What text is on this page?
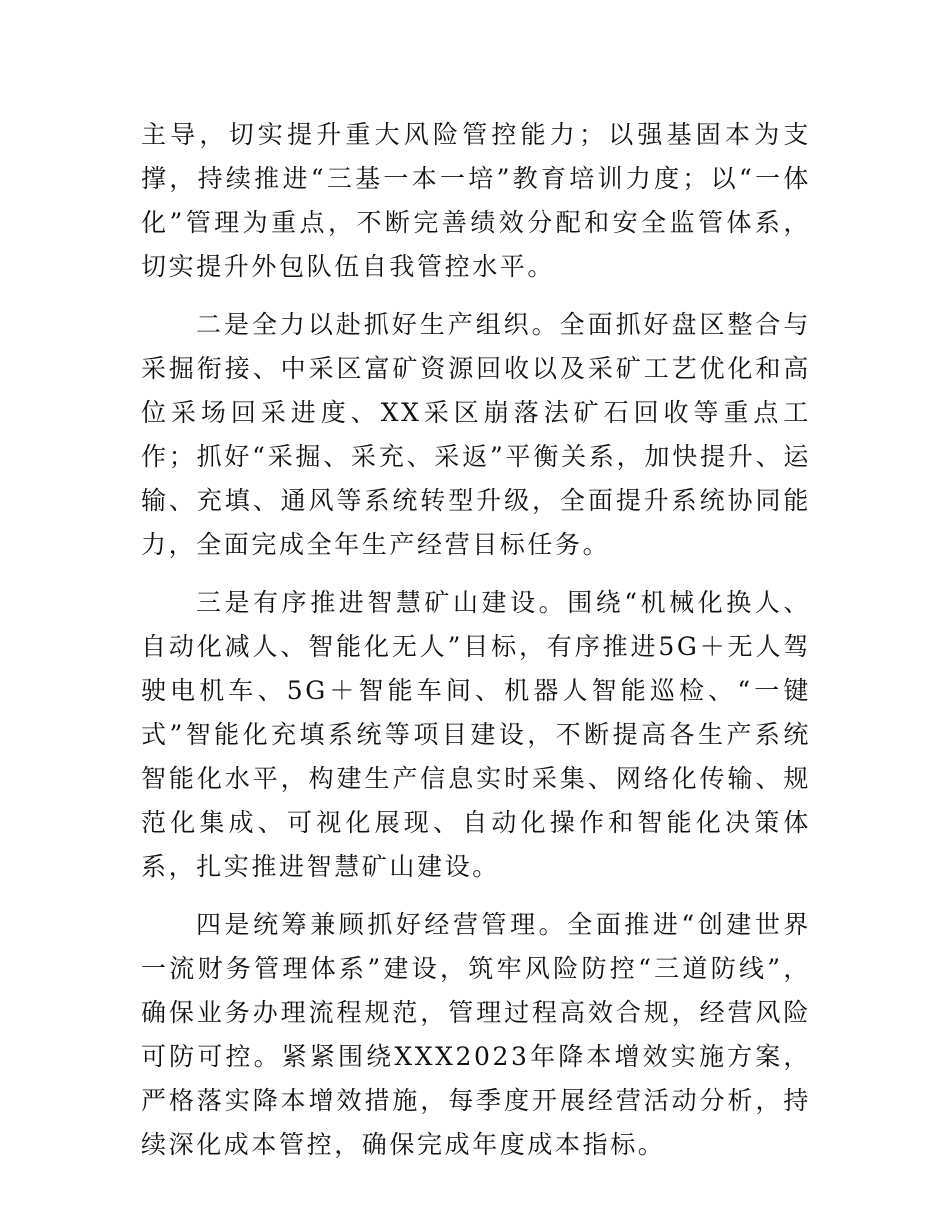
主导，切实提升重大风险管控能力；以强基固本为支撑，持续推进“三基一本一培”教育培训力度；以“一体化”管理为重点，不断完善绩效分配和安全监管体系，切实提升外包队伍自我管控水平。

二是全力以赴抓好生产组织。全面抓好盘区整合与采掘衔接、中采区富矿资源回收以及采矿工艺优化和高位采场回采进度、XX采区崩落法矿石回收等重点工作；抓好“采掘、采充、采返”平衡关系，加快提升、运输、充填、通风等系统转型升级，全面提升系统协同能力，全面完成全年生产经营目标任务。

三是有序推进智慧矿山建设。围绕“机械化换人、自动化减人、智能化无人”目标，有序推进5G＋无人驾驶电机车、5G＋智能车间、机器人智能巡检、“一键式”智能化充填系统等项目建设，不断提高各生产系统智能化水平，构建生产信息实时采集、网络化传输、规范化集成、可视化展现、自动化操作和智能化决策体系，扎实推进智慧矿山建设。

四是统筹兼顾抓好经营管理。全面推进“创建世界一流财务管理体系”建设，筑牢风险防控“三道防线”，确保业务办理流程规范，管理过程高效合规，经营风险可防可控。紧紧围绕XXX2023年降本增效实施方案，严格落实降本增效措施，每季度开展经营活动分析，持续深化成本管控，确保完成年度成本指标。
